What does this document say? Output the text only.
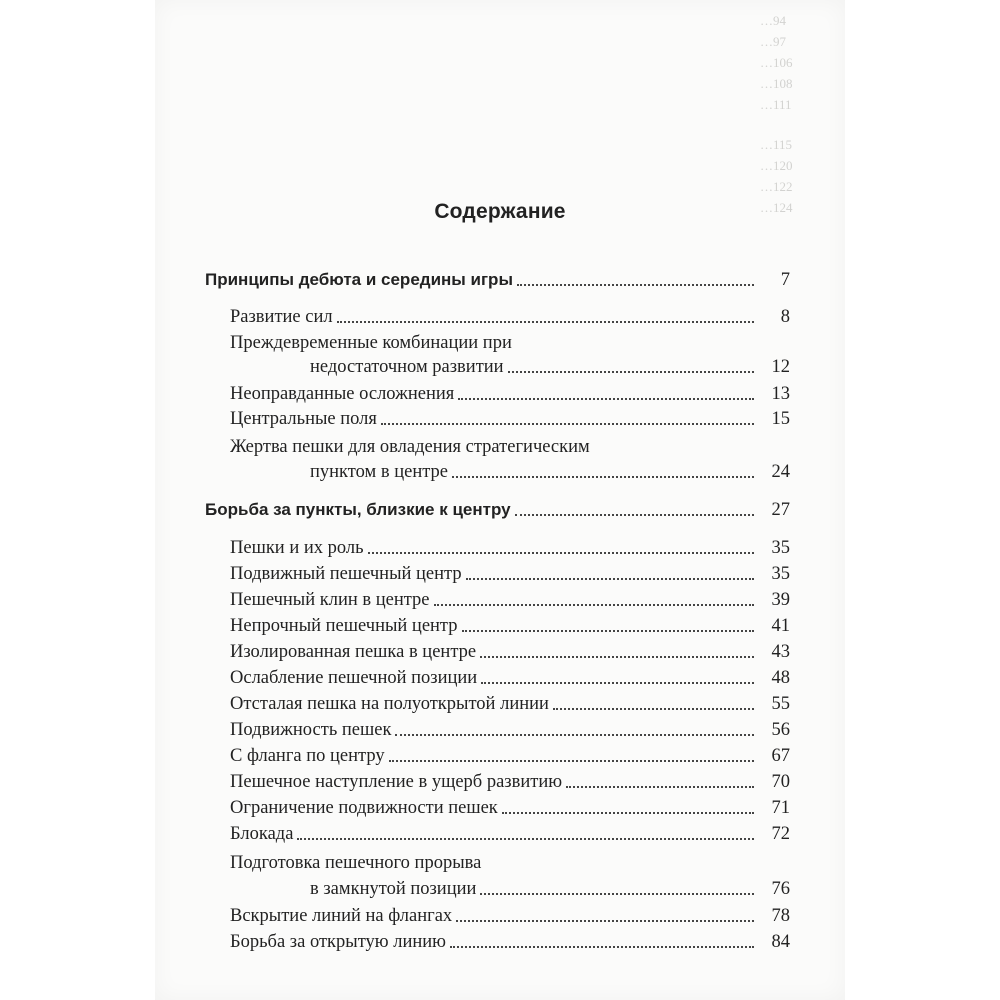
…94
…97
…106
…108
…111
…115
…120
…122
…124
Содержание
Принципы дебюта и середины игры	7
Развитие сил	8
Преждевременные комбинации при
недостаточном развитии	12
Неоправданные осложнения	13
Центральные поля	15
Жертва пешки для овладения стратегическим
пунктом в центре	24
Борьба за пункты, близкие к центру	27
Пешки и их роль	35
Подвижный пешечный центр	35
Пешечный клин в центре	39
Непрочный пешечный центр	41
Изолированная пешка в центре	43
Ослабление пешечной позиции	48
Отсталая пешка на полуоткрытой линии	55
Подвижность пешек	56
С фланга по центру	67
Пешечное наступление в ущерб развитию	70
Ограничение подвижности пешек	71
Блокада	72
Подготовка пешечного прорыва
в замкнутой позиции	76
Вскрытие линий на флангах	78
Борьба за открытую линию	84
